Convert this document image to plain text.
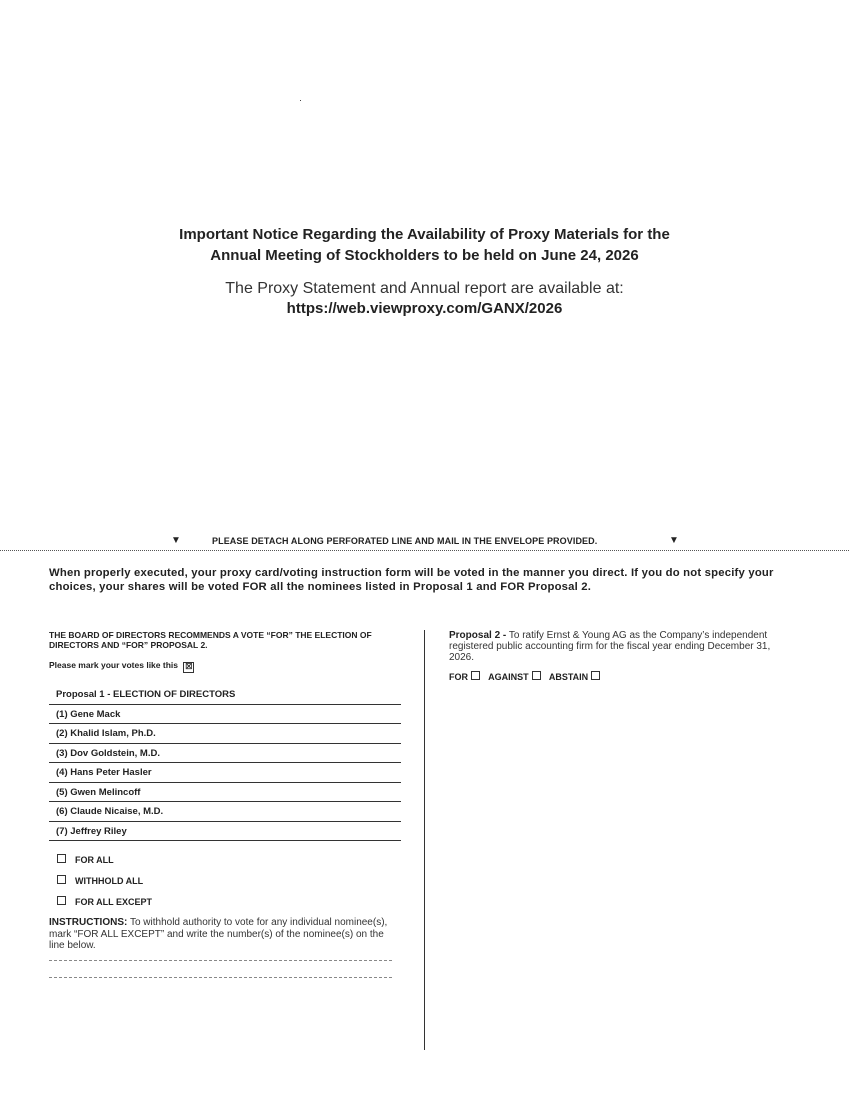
Important Notice Regarding the Availability of Proxy Materials for the
Annual Meeting of Stockholders to be held on June 24, 2026
The Proxy Statement and Annual report are available at:
https://web.viewproxy.com/GANX/2026
▼	PLEASE DETACH ALONG PERFORATED LINE AND MAIL IN THE ENVELOPE PROVIDED.	▼
When properly executed, your proxy card/voting instruction form will be voted in the manner you direct. If you do not specify your choices, your shares will be voted FOR all the nominees listed in Proposal 1 and FOR Proposal 2.
THE BOARD OF DIRECTORS RECOMMENDS A VOTE “FOR” THE ELECTION OF DIRECTORS AND “FOR” PROPOSAL 2.
Please mark your votes like this ☒
Proposal 1 - ELECTION OF DIRECTORS
(1) Gene Mack
(2) Khalid Islam, Ph.D.
(3) Dov Goldstein, M.D.
(4) Hans Peter Hasler
(5) Gwen Melincoff
(6) Claude Nicaise, M.D.
(7) Jeffrey Riley
FOR ALL
WITHHOLD ALL
FOR ALL EXCEPT
INSTRUCTIONS: To withhold authority to vote for any individual nominee(s), mark “FOR ALL EXCEPT” and write the number(s) of the nominee(s) on the line below.
Proposal 2 - To ratify Ernst & Young AG as the Company’s independent registered public accounting firm for the fiscal year ending December 31, 2026.
FOR AGAINST ABSTAIN
